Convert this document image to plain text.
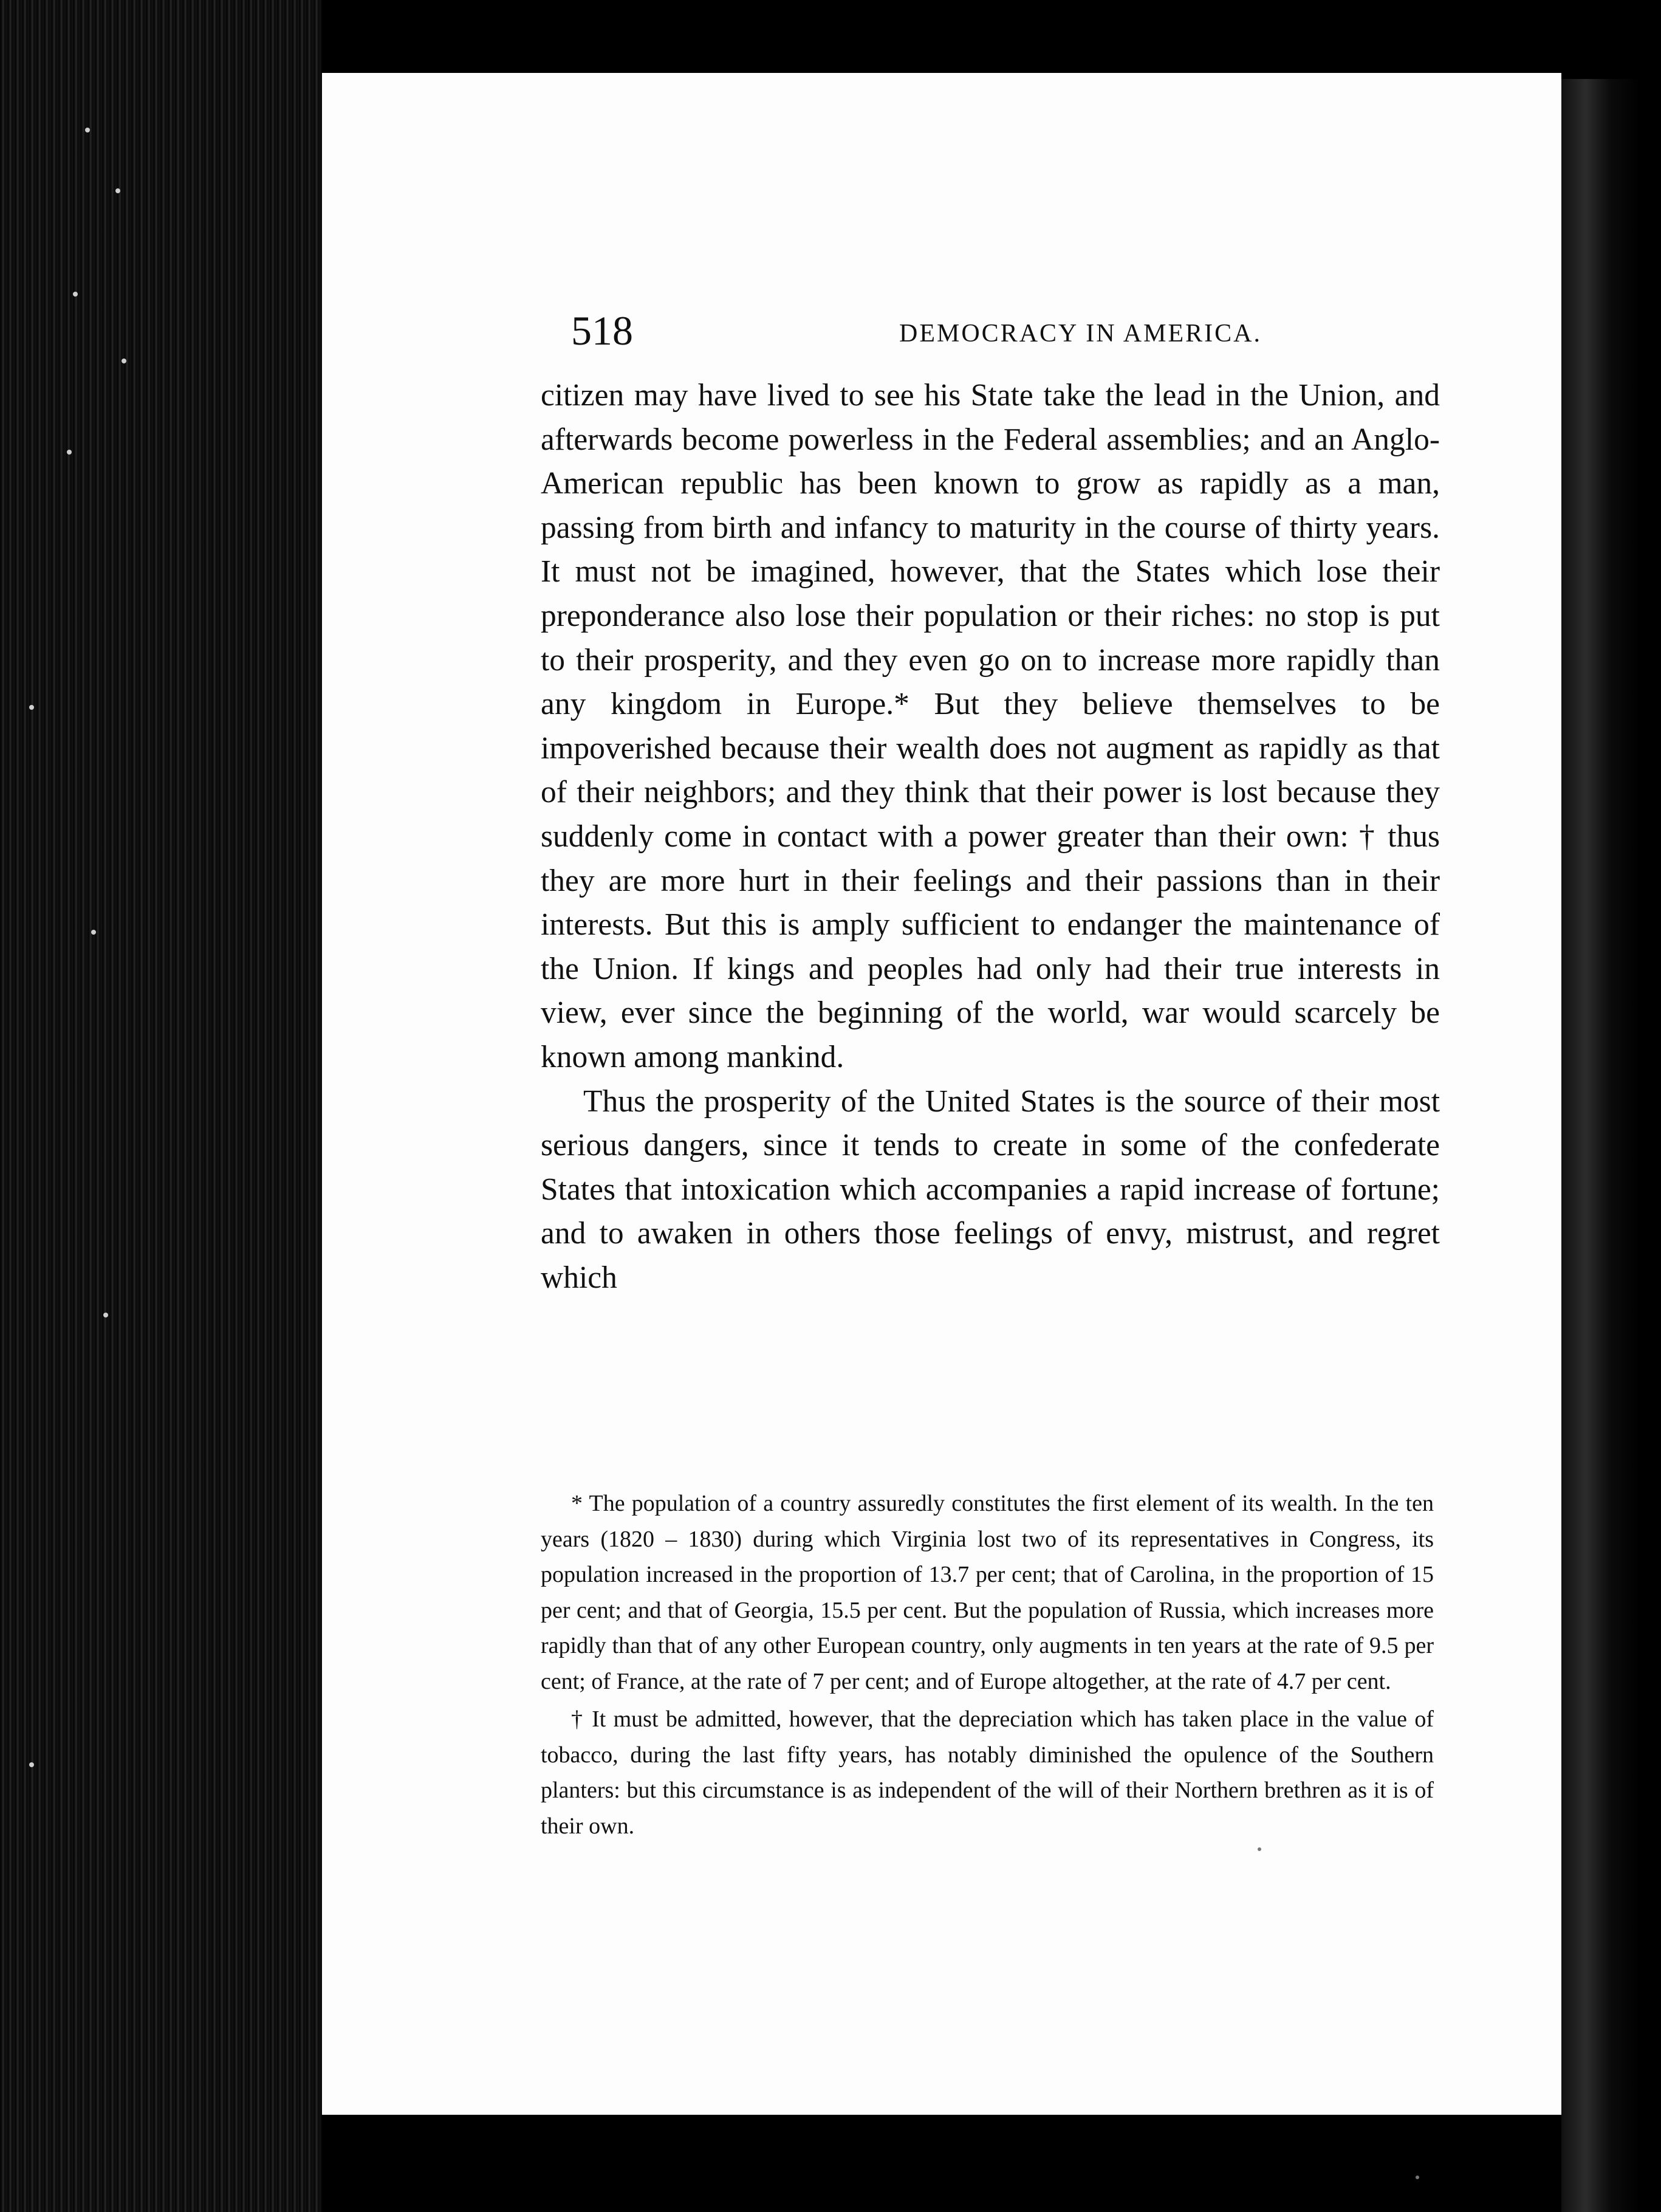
518	DEMOCRACY IN AMERICA.

citizen may have lived to see his State take the lead in the Union, and afterwards become powerless in the Federal assemblies; and an Anglo-American republic has been known to grow as rapidly as a man, passing from birth and infancy to maturity in the course of thirty years. It must not be imagined, however, that the States which lose their preponderance also lose their population or their riches: no stop is put to their prosperity, and they even go on to increase more rapidly than any kingdom in Europe.* But they believe themselves to be impoverished because their wealth does not augment as rapidly as that of their neighbors; and they think that their power is lost because they suddenly come in contact with a power greater than their own: † thus they are more hurt in their feelings and their passions than in their interests. But this is amply sufficient to endanger the maintenance of the Union. If kings and peoples had only had their true interests in view, ever since the beginning of the world, war would scarcely be known among mankind.

Thus the prosperity of the United States is the source of their most serious dangers, since it tends to create in some of the confederate States that intoxication which accompanies a rapid increase of fortune; and to awaken in others those feelings of envy, mistrust, and regret which

* The population of a country assuredly constitutes the first element of its wealth. In the ten years (1820 – 1830) during which Virginia lost two of its representatives in Congress, its population increased in the proportion of 13.7 per cent; that of Carolina, in the proportion of 15 per cent; and that of Georgia, 15.5 per cent. But the population of Russia, which increases more rapidly than that of any other European country, only augments in ten years at the rate of 9.5 per cent; of France, at the rate of 7 per cent; and of Europe altogether, at the rate of 4.7 per cent.

† It must be admitted, however, that the depreciation which has taken place in the value of tobacco, during the last fifty years, has notably diminished the opulence of the Southern planters: but this circumstance is as independent of the will of their Northern brethren as it is of their own.
